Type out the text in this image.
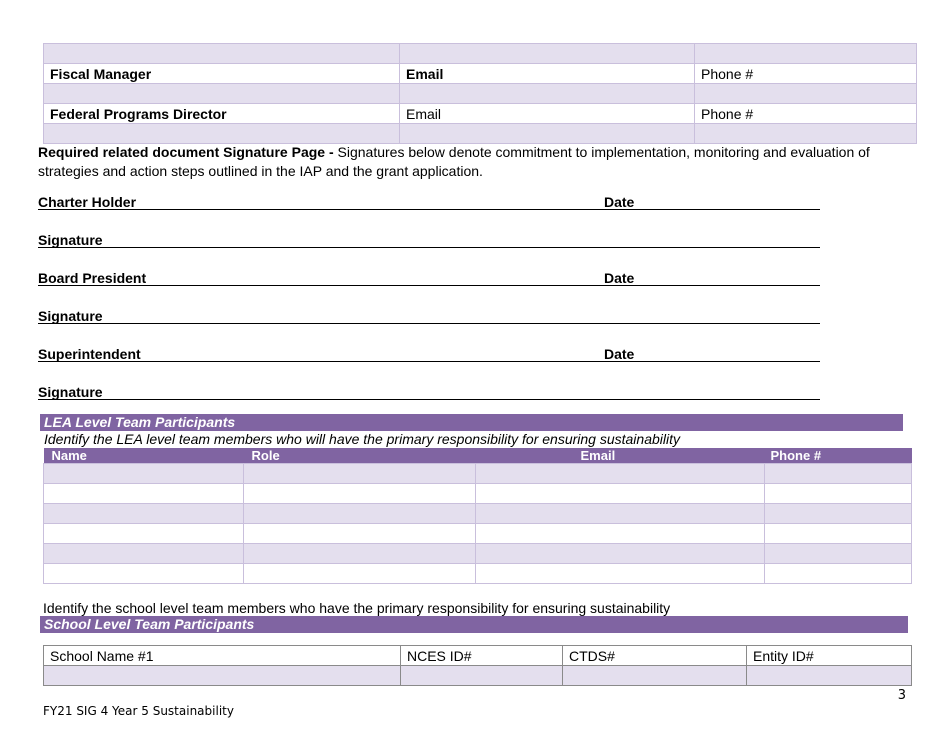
Fiscal Manager	Email	Phone #

Federal Programs Director	Email	Phone #

Required related document Signature Page - Signatures below denote commitment to implementation, monitoring and evaluation of strategies and action steps outlined in the IAP and the grant application.
Charter Holder	Date
Signature
Board President	Date
Signature
Superintendent	Date
Signature
LEA Level Team Participants
Identify the LEA level team members who will have the primary responsibility for ensuring sustainability
Name	Role	Email	Phone #

Identify the school level team members who have the primary responsibility for ensuring sustainability
School Level Team Participants
School Name #1	NCES ID#	CTDS#	Entity ID#

3
FY21 SIG 4 Year 5 Sustainability
